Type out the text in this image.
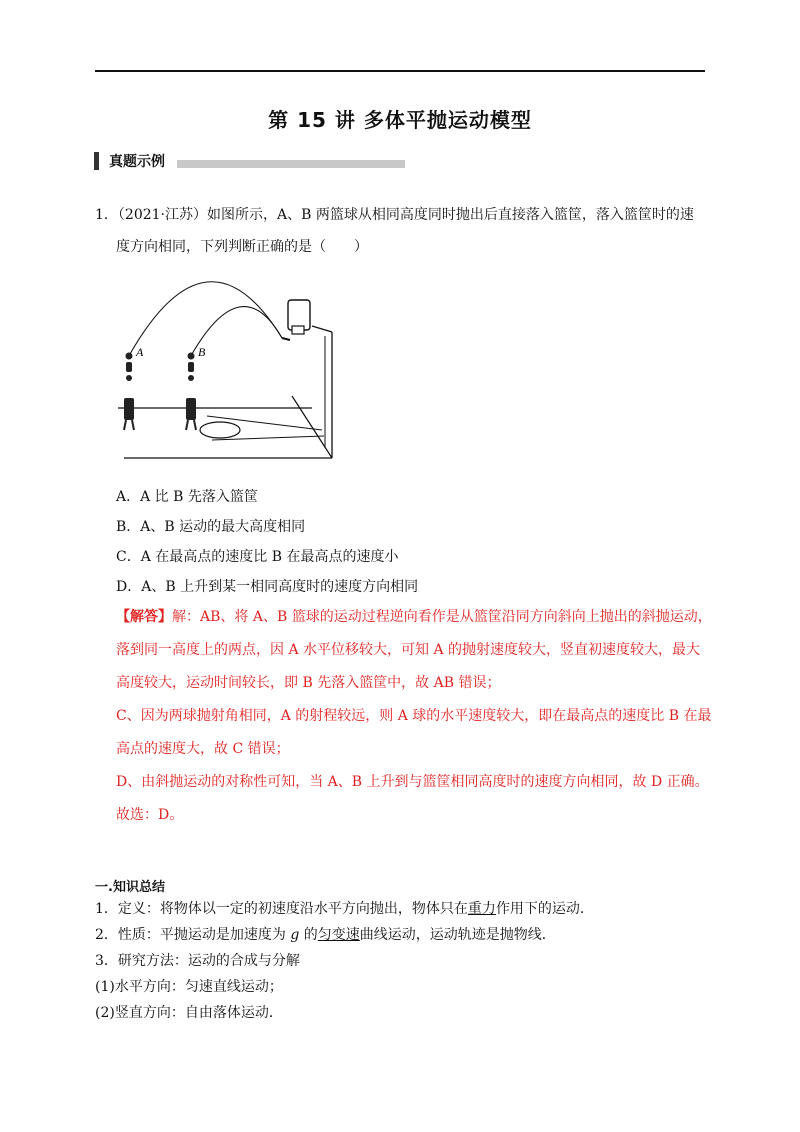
第 15 讲 多体平抛运动模型
真题示例
1．（2021·江苏）如图所示，A、B 两篮球从相同高度同时抛出后直接落入篮筐，落入篮筐时的速
度方向相同，下列判断正确的是（　　）
A	B
A．A 比 B 先落入篮筐
B．A、B 运动的最大高度相同
C．A 在最高点的速度比 B 在最高点的速度小
D．A、B 上升到某一相同高度时的速度方向相同
【解答】解：AB、将 A、B 篮球的运动过程逆向看作是从篮筐沿同方向斜向上抛出的斜抛运动，
落到同一高度上的两点，因 A 水平位移较大，可知 A 的抛射速度较大，竖直初速度较大，最大
高度较大，运动时间较长，即 B 先落入篮筐中，故 AB 错误；
C、因为两球抛射角相同，A 的射程较远，则 A 球的水平速度较大，即在最高点的速度比 B 在最
高点的速度大，故 C 错误；
D、由斜抛运动的对称性可知，当 A、B 上升到与篮筐相同高度时的速度方向相同，故 D 正确。
故选：D。
一.知识总结
1．定义：将物体以一定的初速度沿水平方向抛出，物体只在重力作用下的运动．
2．性质：平抛运动是加速度为 g 的匀变速曲线运动，运动轨迹是抛物线．
3．研究方法：运动的合成与分解
(1)水平方向：匀速直线运动；
(2)竖直方向：自由落体运动．
